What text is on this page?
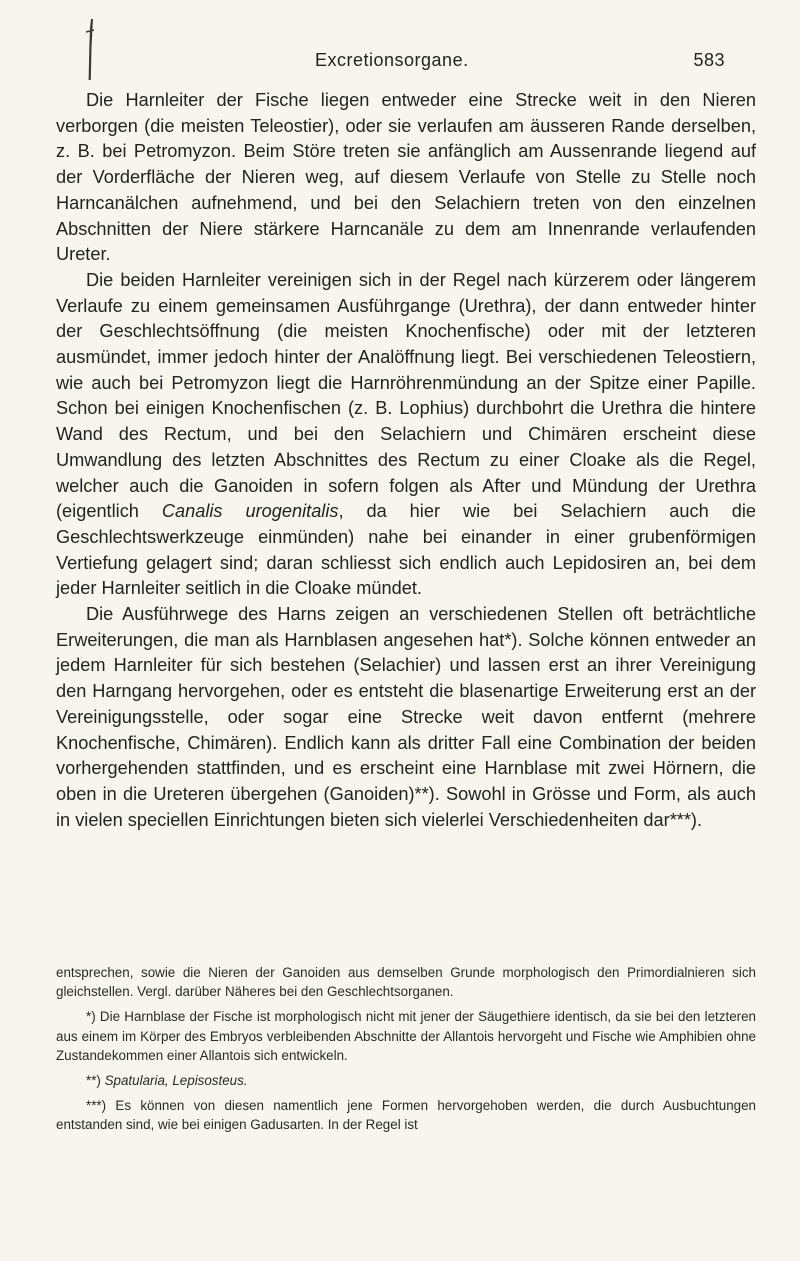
Excretionsorgane.	583

Die Harnleiter der Fische liegen entweder eine Strecke weit in den Nieren verborgen (die meisten Teleostier), oder sie verlaufen am äusseren Rande derselben, z. B. bei Petromyzon. Beim Störe treten sie anfänglich am Aussenrande liegend auf der Vorderfläche der Nieren weg, auf diesem Verlaufe von Stelle zu Stelle noch Harncanälchen aufnehmend, und bei den Selachiern treten von den einzelnen Abschnitten der Niere stärkere Harncanäle zu dem am Innenrande verlaufenden Ureter.

Die beiden Harnleiter vereinigen sich in der Regel nach kürzerem oder längerem Verlaufe zu einem gemeinsamen Ausführgange (Urethra), der dann entweder hinter der Geschlechtsöffnung (die meisten Knochenfische) oder mit der letzteren ausmündet, immer jedoch hinter der Analöffnung liegt. Bei verschiedenen Teleostiern, wie auch bei Petromyzon liegt die Harnröhrenmündung an der Spitze einer Papille. Schon bei einigen Knochenfischen (z. B. Lophius) durchbohrt die Urethra die hintere Wand des Rectum, und bei den Selachiern und Chimären erscheint diese Umwandlung des letzten Abschnittes des Rectum zu einer Cloake als die Regel, welcher auch die Ganoiden in sofern folgen als After und Mündung der Urethra (eigentlich Canalis urogenitalis, da hier wie bei Selachiern auch die Geschlechtswerkzeuge einmünden) nahe bei einander in einer grubenförmigen Vertiefung gelagert sind; daran schliesst sich endlich auch Lepidosiren an, bei dem jeder Harnleiter seitlich in die Cloake mündet.

Die Ausführwege des Harns zeigen an verschiedenen Stellen oft beträchtliche Erweiterungen, die man als Harnblasen angesehen hat*). Solche können entweder an jedem Harnleiter für sich bestehen (Selachier) und lassen erst an ihrer Vereinigung den Harngang hervorgehen, oder es entsteht die blasenartige Erweiterung erst an der Vereinigungsstelle, oder sogar eine Strecke weit davon entfernt (mehrere Knochenfische, Chimären). Endlich kann als dritter Fall eine Combination der beiden vorhergehenden stattfinden, und es erscheint eine Harnblase mit zwei Hörnern, die oben in die Ureteren übergehen (Ganoiden)**). Sowohl in Grösse und Form, als auch in vielen speciellen Einrichtungen bieten sich vielerlei Verschiedenheiten dar***).

entsprechen, sowie die Nieren der Ganoiden aus demselben Grunde morphologisch den Primordialnieren sich gleichstellen. Vergl. darüber Näheres bei den Geschlechtsorganen.

*) Die Harnblase der Fische ist morphologisch nicht mit jener der Säugethiere identisch, da sie bei den letzteren aus einem im Körper des Embryos verbleibenden Abschnitte der Allantois hervorgeht und Fische wie Amphibien ohne Zustandekommen einer Allantois sich entwickeln.

**) Spatularia, Lepisosteus.

***) Es können von diesen namentlich jene Formen hervorgehoben werden, die durch Ausbuchtungen entstanden sind, wie bei einigen Gadusarten. In der Regel ist
